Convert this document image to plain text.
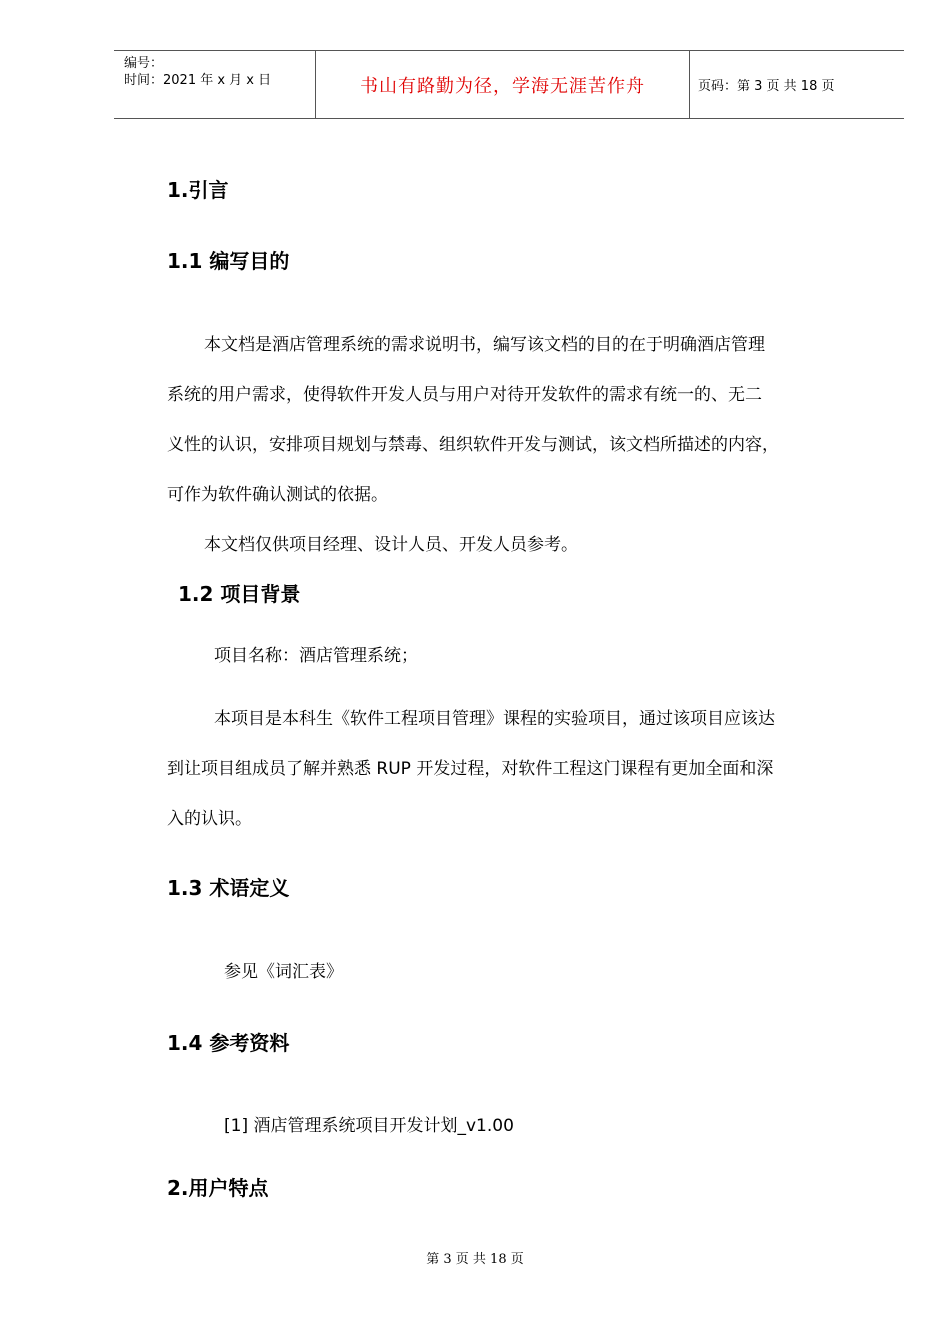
编号：
时间：2021 年 x 月 x 日	书山有路勤为径，学海无涯苦作舟	页码：第 3 页 共 18 页
1.引言
1.1 编写目的
本文档是酒店管理系统的需求说明书，编写该文档的目的在于明确酒店管理
系统的用户需求，使得软件开发人员与用户对待开发软件的需求有统一的、无二
义性的认识，安排项目规划与禁毒、组织软件开发与测试，该文档所描述的内容，
可作为软件确认测试的依据。
本文档仅供项目经理、设计人员、开发人员参考。
1.2 项目背景
项目名称：酒店管理系统；
本项目是本科生《软件工程项目管理》课程的实验项目，通过该项目应该达
到让项目组成员了解并熟悉 RUP 开发过程，对软件工程这门课程有更加全面和深
入的认识。
1.3 术语定义
参见《词汇表》
1.4 参考资料
[1] 酒店管理系统项目开发计划_v1.00
2.用户特点
第 3 页 共 18 页
